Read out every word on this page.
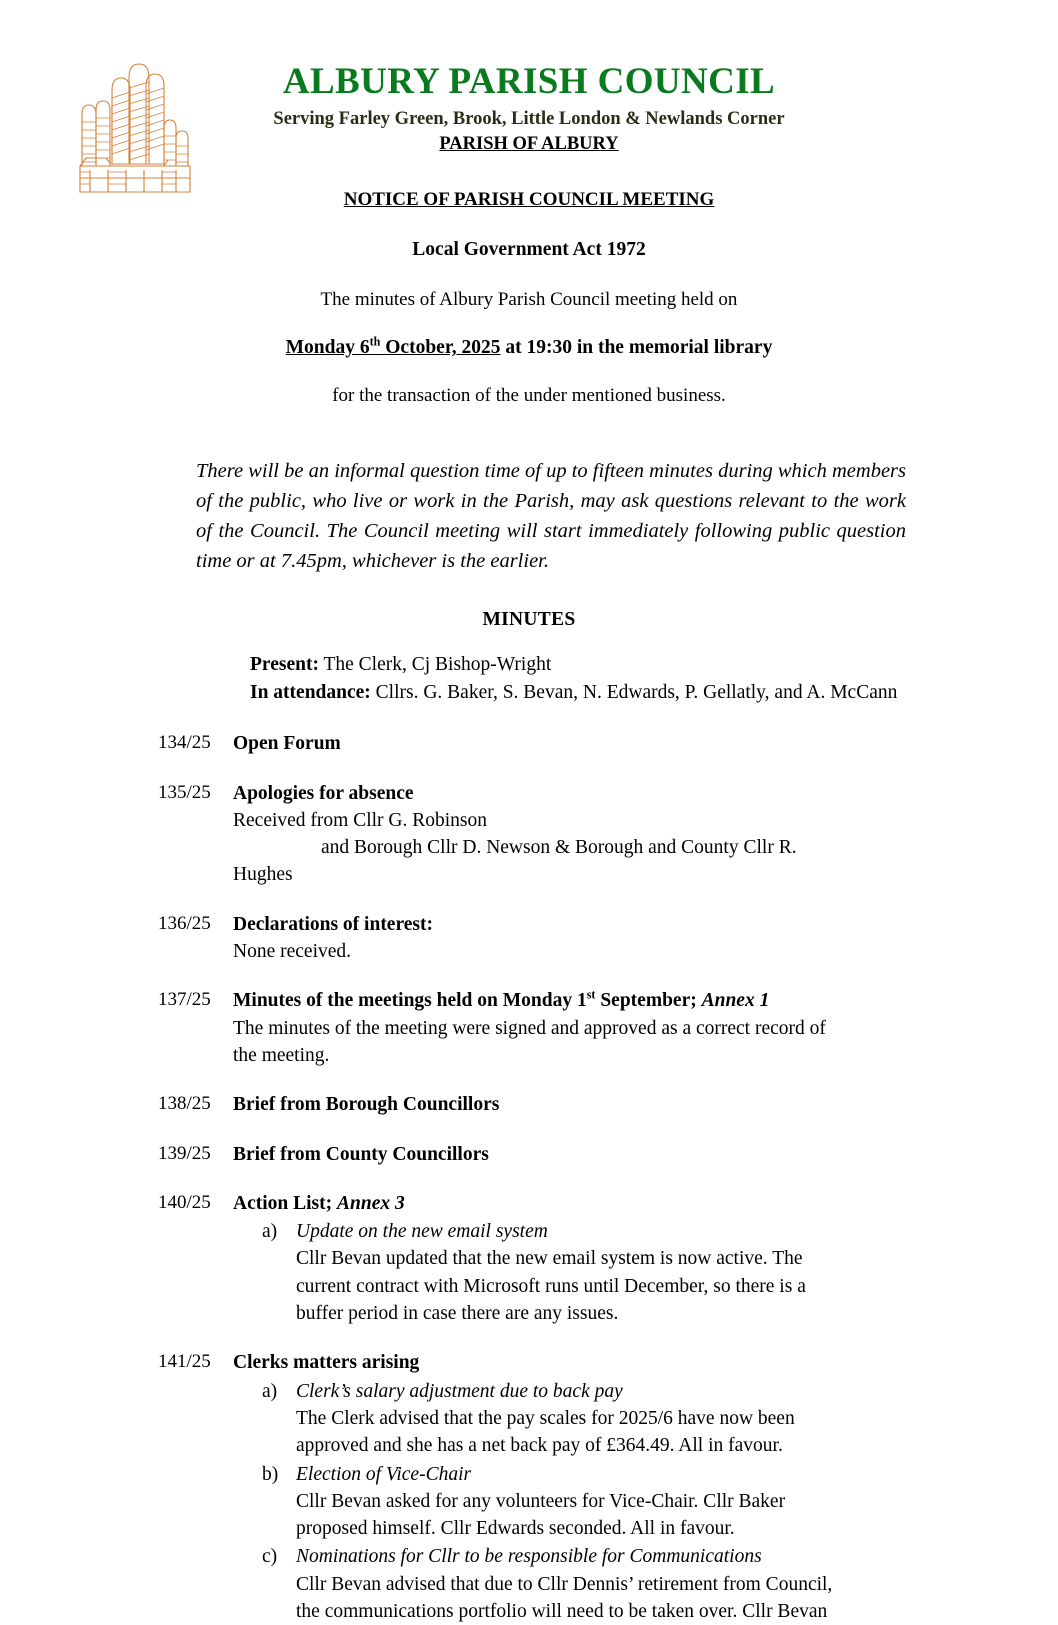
ALBURY PARISH COUNCIL
Serving Farley Green, Brook, Little London & Newlands Corner
PARISH OF ALBURY
NOTICE OF PARISH COUNCIL MEETING
Local Government Act 1972
The minutes of Albury Parish Council meeting held on
Monday 6th October, 2025 at 19:30 in the memorial library
for the transaction of the under mentioned business.
There will be an informal question time of up to fifteen minutes during which members of the public, who live or work in the Parish, may ask questions relevant to the work of the Council. The Council meeting will start immediately following public question time or at 7.45pm, whichever is the earlier.
MINUTES
Present: The Clerk, Cj Bishop-Wright
In attendance: Cllrs. G. Baker, S. Bevan, N. Edwards, P. Gellatly, and A. McCann
134/25	Open Forum
135/25	Apologies for absence
Received from Cllr G. Robinson
and Borough Cllr D. Newson & Borough and County Cllr R.
Hughes
136/25	Declarations of interest:
None received.
137/25	Minutes of the meetings held on Monday 1st September; Annex 1
The minutes of the meeting were signed and approved as a correct record of the meeting.
138/25	Brief from Borough Councillors
139/25	Brief from County Councillors
140/25	Action List; Annex 3
a) Update on the new email system
Cllr Bevan updated that the new email system is now active. The current contract with Microsoft runs until December, so there is a buffer period in case there are any issues.
141/25	Clerks matters arising
a) Clerk’s salary adjustment due to back pay
The Clerk advised that the pay scales for 2025/6 have now been approved and she has a net back pay of £364.49. All in favour.
b) Election of Vice-Chair
Cllr Bevan asked for any volunteers for Vice-Chair. Cllr Baker proposed himself. Cllr Edwards seconded. All in favour.
c) Nominations for Cllr to be responsible for Communications
Cllr Bevan advised that due to Cllr Dennis’ retirement from Council, the communications portfolio will need to be taken over. Cllr Bevan
